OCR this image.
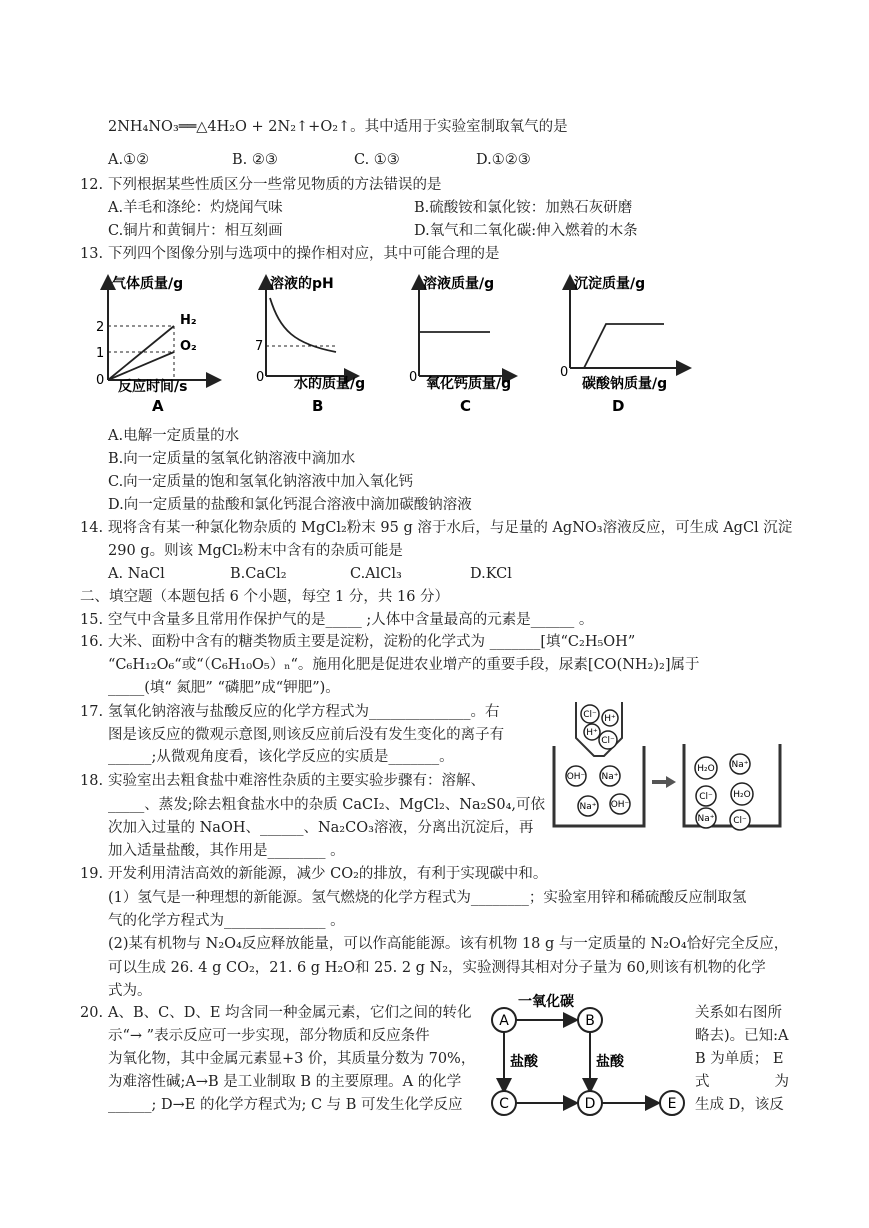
2NH₄NO₃══△4H₂O + 2N₂↑+O₂↑。其中适用于实验室制取氧气的是
A.①②	B. ②③	C. ①③	D.①②③
12. 下列根据某些性质区分一些常见物质的方法错误的是
A.羊毛和涤纶：灼烧闻气味	B.硫酸铵和氯化铵：加熟石灰研磨
C.铜片和黄铜片：相互刻画	D.氧气和二氧化碳:伸入燃着的木条
13. 下列四个图像分别与选项中的操作相对应，其中可能合理的是
气体质量/g
2
1
H₂
O₂
0 反应时间/s
A
溶液的pH
7
0 水的质量/g
B
溶液质量/g
0 氧化钙质量/g
C
沉淀质量/g
0
碳酸钠质量/g
D
A.电解一定质量的水
B.向一定质量的氢氧化钠溶液中滴加水
C.向一定质量的饱和氢氧化钠溶液中加入氧化钙
D.向一定质量的盐酸和氯化钙混合溶液中滴加碳酸钠溶液
14. 现将含有某一种氯化物杂质的 MgCl₂粉末 95 g 溶于水后，与足量的 AgNO₃溶液反应，可生成 AgCl 沉淀
290 g。则该 MgCl₂粉末中含有的杂质可能是
A. NaCl	B.CaCl₂	C.AlCl₃	D.KCl
二、填空题（本题包括 6 个小题，每空 1 分，共 16 分）
15. 空气中含量多且常用作保护气的是_____ ;人体中含量最高的元素是______ 。
16. 大米、面粉中含有的糖类物质主要是淀粉，淀粉的化学式为 _______[填“C₂H₅OH”
“C₆H₁₂O₆“或“（C₆H₁₀O₅）ₙ“。施用化肥是促进农业增产的重要手段，尿素[CO(NH₂)₂]属于
_____(填“ 氮肥” “磷肥”成“钾肥”)。
17. 氢氧化钠溶液与盐酸反应的化学方程式为______________。右
图是该反应的微观示意图,则该反应前后没有发生变化的离子有
______;从微观角度看，该化学反应的实质是_______。
Cl⁻ H⁺
H⁺
Cl⁻
OH⁻ Na⁺
Na⁺ OH⁻
H₂O Na⁺
Cl⁻ H₂O
Na⁺ Cl⁻
18. 实验室出去粗食盐中难溶性杂质的主要实验步骤有：溶解、
_____、蒸发;除去粗食盐水中的杂质 CaCI₂、MgCl₂、Na₂S0₄,可依
次加入过量的 NaOH、______、Na₂CO₃溶液，分离出沉淀后，再
加入适量盐酸，其作用是________ 。
19. 开发利用清洁高效的新能源，减少 CO₂的排放，有利于实现碳中和。
(1）氢气是一种理想的新能源。氢气燃烧的化学方程式为________；实验室用锌和稀硫酸反应制取氢
气的化学方程式为______________ 。
(2)某有机物与 N₂O₄反应释放能量，可以作高能能源。该有机物 18 g 与一定质量的 N₂O₄恰好完全反应，
可以生成 26. 4 g CO₂，21. 6 g H₂O和 25. 2 g N₂，实验测得其相对分子量为 60,则该有机物的化学
式为。
20. A、B、C、D、E 均含同一种金属元素，它们之间的转化	关系如右图所
示“→ ”表示反应可一步实现，部分物质和反应条件	略去)。已知:A
为氧化物，其中金属元素显+3 价，其质量分数为 70%，	B 为单质； E
为难溶性碱;A→B 是工业制取 B 的主要原理。A 的化学	式	为
______; D→E 的化学方程式为; C 与 B 可发生化学反应	生成 D，该反
A	B
C	D	E
一氧化碳
盐酸	盐酸
